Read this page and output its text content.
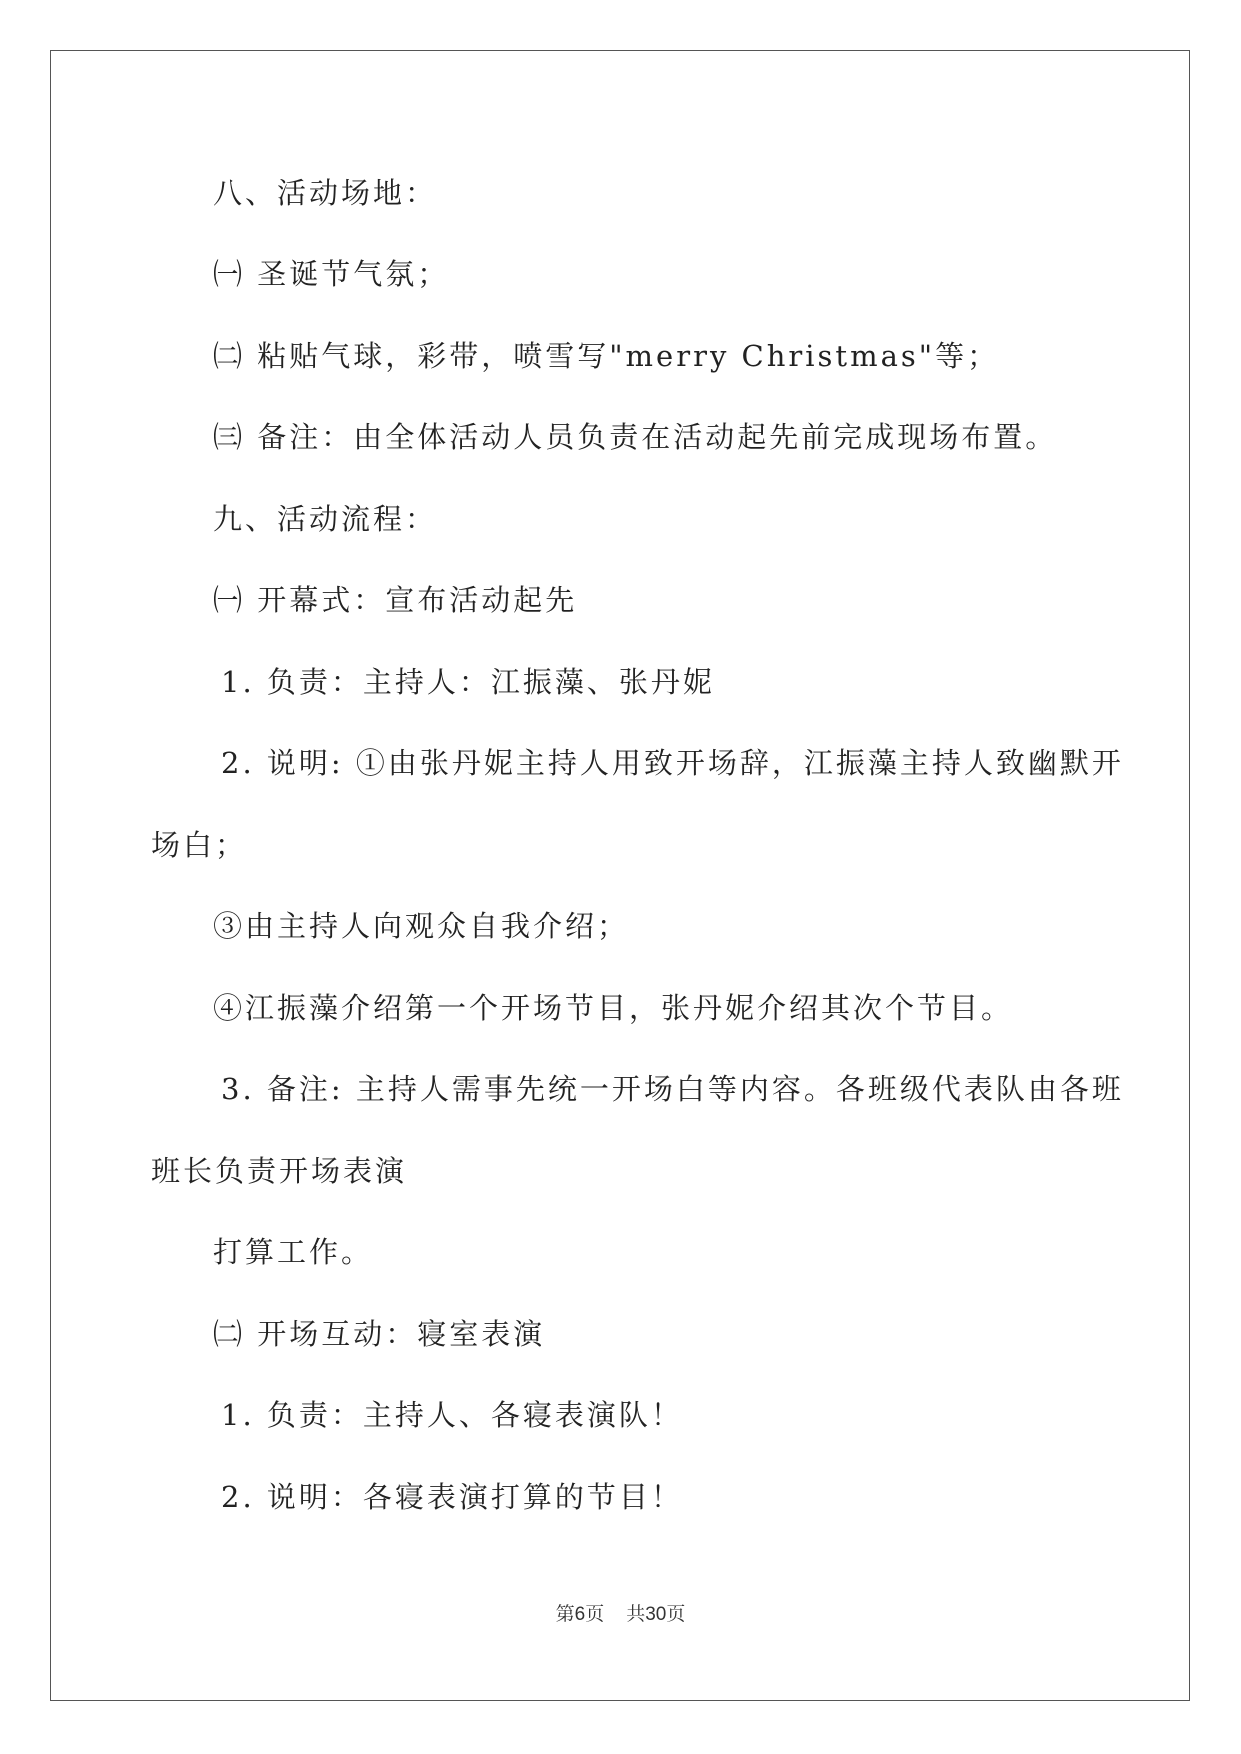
八、活动场地：
㈠ 圣诞节气氛；
㈡ 粘贴气球，彩带，喷雪写"merry Christmas"等；
㈢ 备注：由全体活动人员负责在活动起先前完成现场布置。
九、活动流程：
㈠ 开幕式：宣布活动起先
1. 负责：主持人：江振藻、张丹妮
2. 说明: ①由张丹妮主持人用致开场辞，江振藻主持人致幽默开
场白；
③由主持人向观众自我介绍；
④江振藻介绍第一个开场节目，张丹妮介绍其次个节目。
3. 备注: 主持人需事先统一开场白等内容。各班级代表队由各班
班长负责开场表演
打算工作。
㈡ 开场互动：寝室表演
1. 负责：主持人、各寝表演队！
2. 说明：各寝表演打算的节目！
第6页 共30页
